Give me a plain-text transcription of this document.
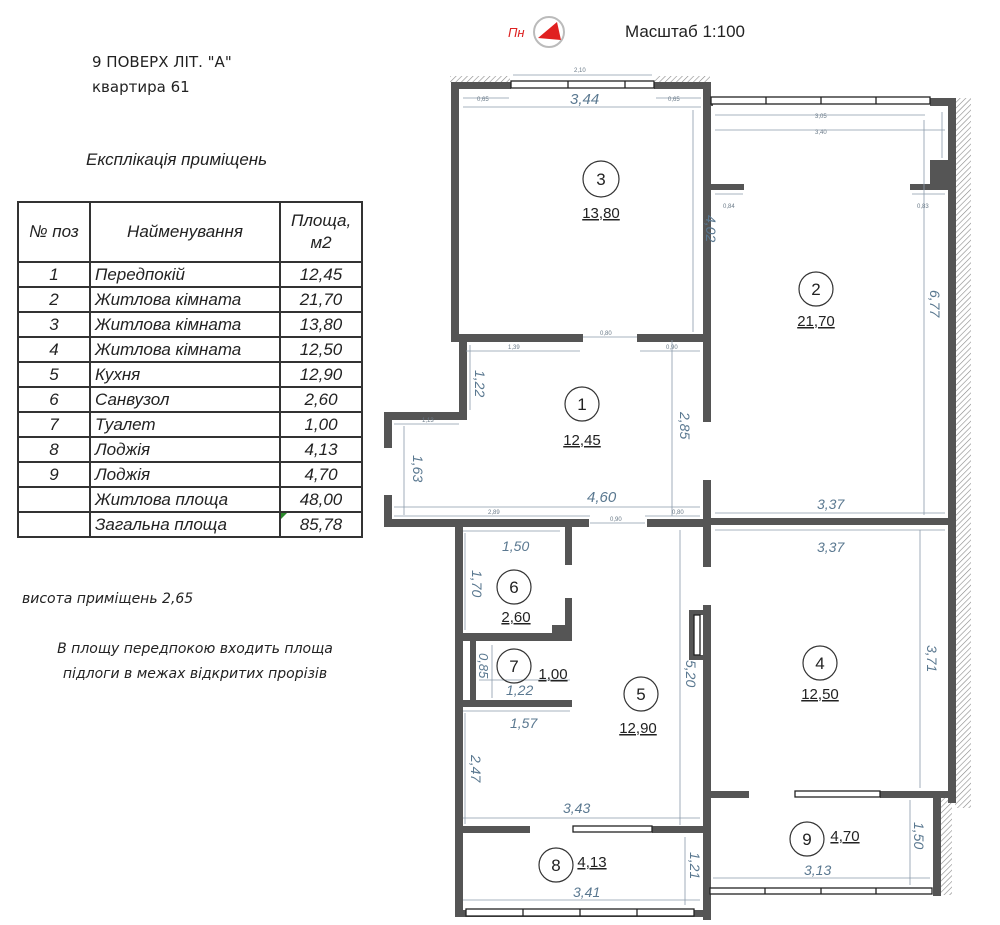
9 ПОВЕРХ ЛІТ. "А"
квартира 61
Експлікація приміщень
№ поз	Найменування	Площа, м2
1	Передпокій	12,45
2	Житлова кімната	21,70
3	Житлова кімната	13,80
4	Житлова кімната	12,50
5	Кухня	12,90
6	Санвузол	2,60
7	Туалет	1,00
8	Лоджія	4,13
9	Лоджія	4,70
	Житлова площа	48,00
	Загальна площа	85,78
висота приміщень 2,65
В площу передпокою входить площа
підлоги в межах відкритих прорізів
Пн	Масштаб 1:100
2,10
0,65	0,65
3,05
3,40
0,84	0,83
1,39
0,80
0,90
1,13
2,89
0,90
0,80
3,44
4,02
6,77
4,60
2,85
1,63
1,22
3,37
3,37
3,71
5,20
3,43
1,57
2,47
1,50
1,70
1,22
0,85
3,41
1,21	3,13
1,50
3
13,80
2
21,70
1
12,45
4
12,50
5
12,90
6
2,60
7 1,00
8 4,13
9 4,70
